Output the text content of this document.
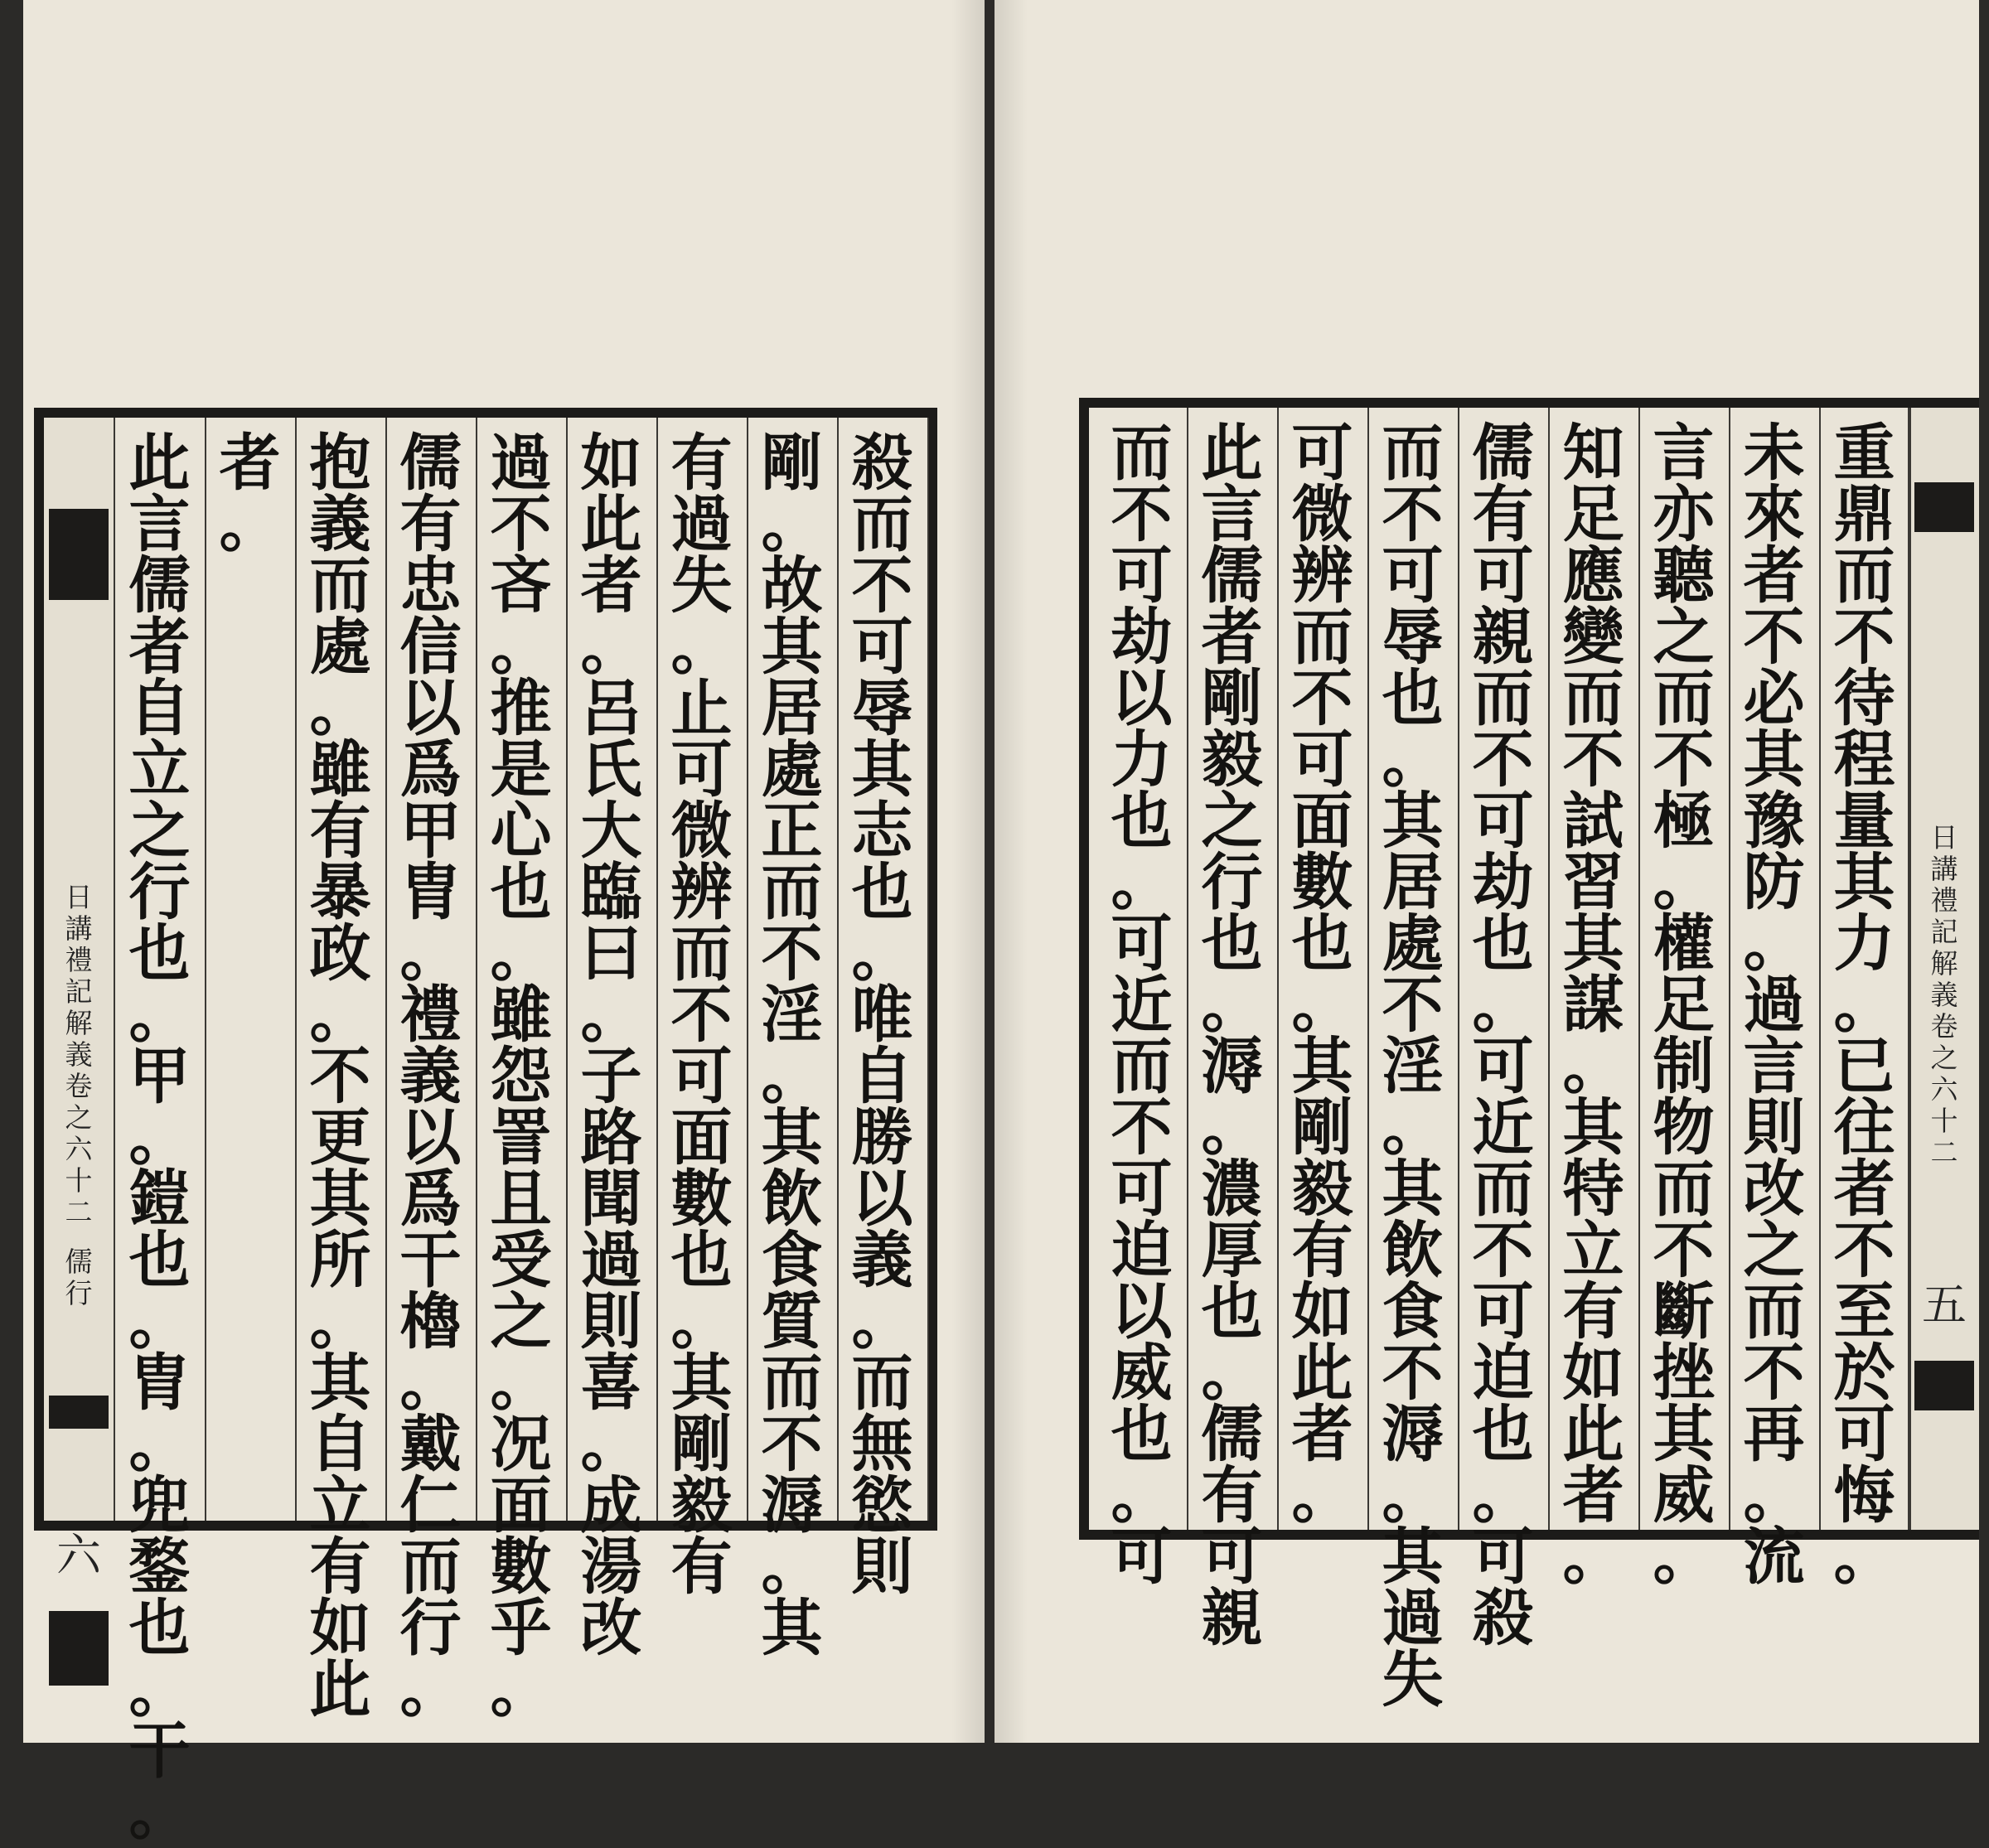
日
講
禮
記
解
義
卷
之
六
十
二
儒
行
六
殺
而
不
可
辱
其
志
也
。
唯
自
勝
以
義
。
而
無
慾
則
剛
。
故
其
居
處
正
而
不
淫
。
其
飲
食
質
而
不
溽
。
其
有
過
失
。
止
可
微
辨
而
不
可
面
數
也
。
其
剛
毅
有
如
此
者
。
呂
氏
大
臨
曰
。
子
路
聞
過
則
喜
。
成
湯
改
過
不
吝
。
推
是
心
也
。
雖
怨
詈
且
受
之
。
况
面
數
乎
。
儒
有
忠
信
以
爲
甲
胄
。
禮
義
以
爲
干
櫓
。
戴
仁
而
行
。
抱
義
而
處
。
雖
有
暴
政
。
不
更
其
所
。
其
自
立
有
如
此
者
。
此
言
儒
者
自
立
之
行
也
。
甲
。
鎧
也
。
胄
。
兜
鍪
也
。
干
。
日
講
禮
記
解
義
卷
之
六
十
二
五
重
鼎
而
不
待
程
量
其
力
。
已
往
者
不
至
於
可
悔
。
未
來
者
不
必
其
豫
防
。
過
言
則
改
之
而
不
再
。
流
言
亦
聽
之
而
不
極
。
權
足
制
物
而
不
斷
挫
其
威
。
知
足
應
變
而
不
試
習
其
謀
。
其
特
立
有
如
此
者
。
儒
有
可
親
而
不
可
劫
也
。
可
近
而
不
可
迫
也
。
可
殺
而
不
可
辱
也
。
其
居
處
不
淫
。
其
飲
食
不
溽
。
其
過
失
可
微
辨
而
不
可
面
數
也
。
其
剛
毅
有
如
此
者
。
此
言
儒
者
剛
毅
之
行
也
。
溽
。
濃
厚
也
。
儒
有
可
親
而
不
可
劫
以
力
也
。
可
近
而
不
可
迫
以
威
也
。
可
